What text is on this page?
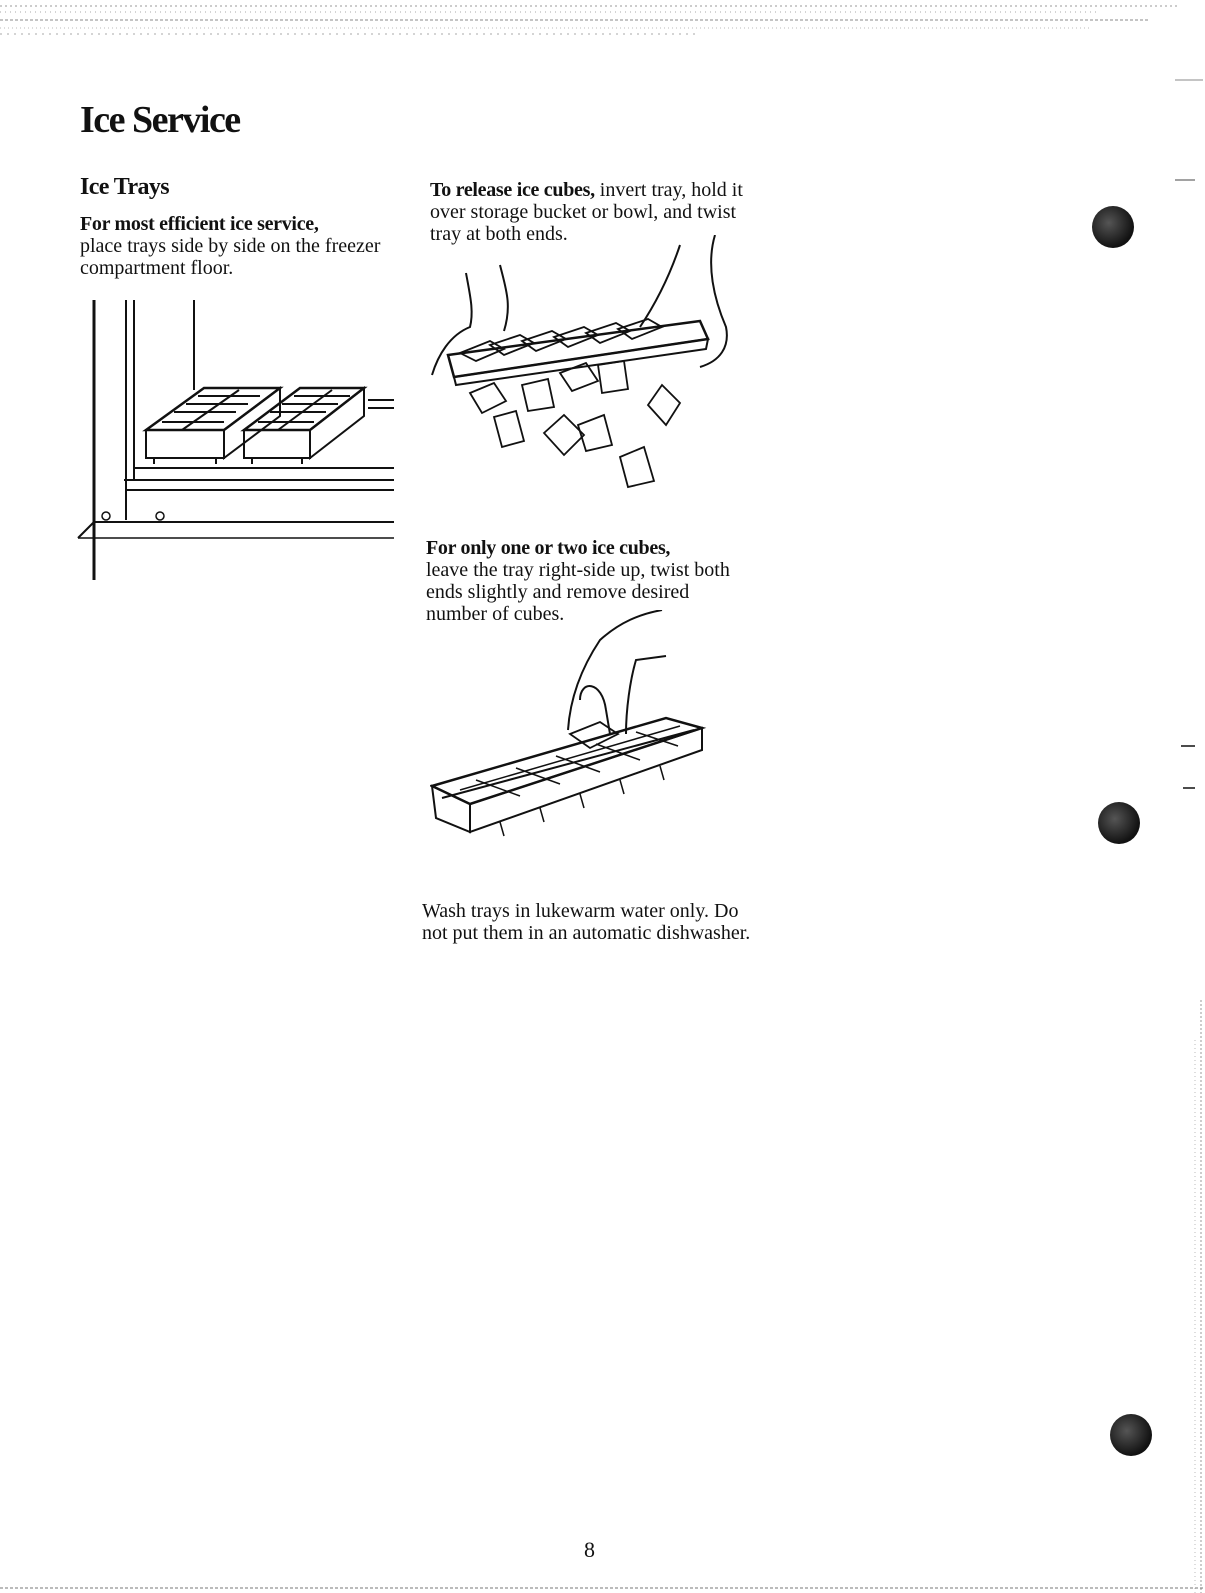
Ice Service
Ice Trays

For most efficient ice service,
place trays side by side on the freezer compartment floor.

To release ice cubes, invert tray, hold it over storage bucket or bowl, and twist tray at both ends.

For only one or two ice cubes,
leave the tray right-side up, twist both ends slightly and remove desired number of cubes.

Wash trays in lukewarm water only. Do not put them in an automatic dishwasher.

8
